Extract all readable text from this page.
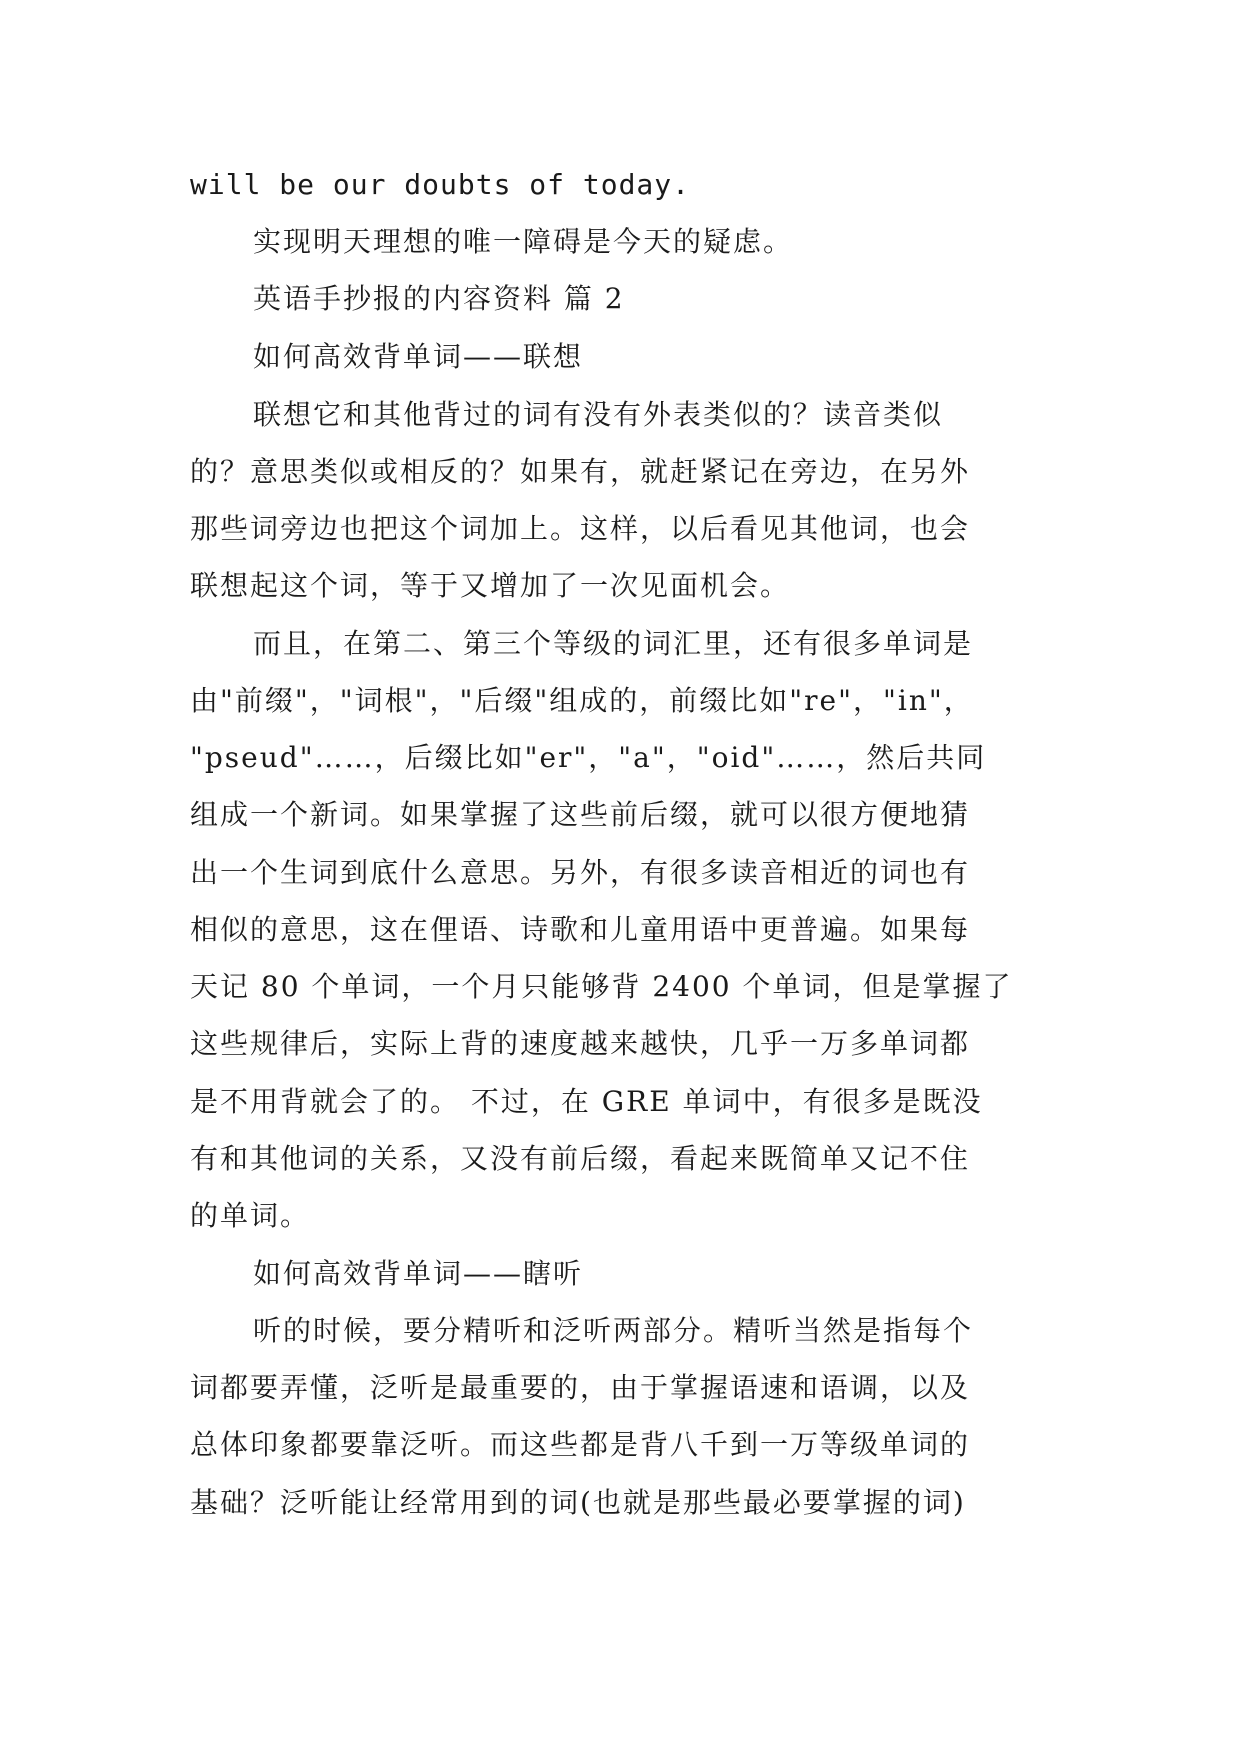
will be our doubts of today.
实现明天理想的唯一障碍是今天的疑虑。
英语手抄报的内容资料 篇 2
如何高效背单词——联想
联想它和其他背过的词有没有外表类似的？读音类似
的？意思类似或相反的？如果有，就赶紧记在旁边，在另外
那些词旁边也把这个词加上。这样，以后看见其他词，也会
联想起这个词，等于又增加了一次见面机会。
而且，在第二、第三个等级的词汇里，还有很多单词是
由"前缀"，"词根"，"后缀"组成的，前缀比如"re"，"in"，
"pseud"……，后缀比如"er"，"a"，"oid"……，然后共同
组成一个新词。如果掌握了这些前后缀，就可以很方便地猜
出一个生词到底什么意思。另外，有很多读音相近的词也有
相似的意思，这在俚语、诗歌和儿童用语中更普遍。如果每
天记 80 个单词，一个月只能够背 2400 个单词，但是掌握了
这些规律后，实际上背的速度越来越快，几乎一万多单词都
是不用背就会了的。 不过，在 GRE 单词中，有很多是既没
有和其他词的关系，又没有前后缀，看起来既简单又记不住
的单词。
如何高效背单词——瞎听
听的时候，要分精听和泛听两部分。精听当然是指每个
词都要弄懂，泛听是最重要的，由于掌握语速和语调，以及
总体印象都要靠泛听。而这些都是背八千到一万等级单词的
基础？泛听能让经常用到的词(也就是那些最必要掌握的词)
